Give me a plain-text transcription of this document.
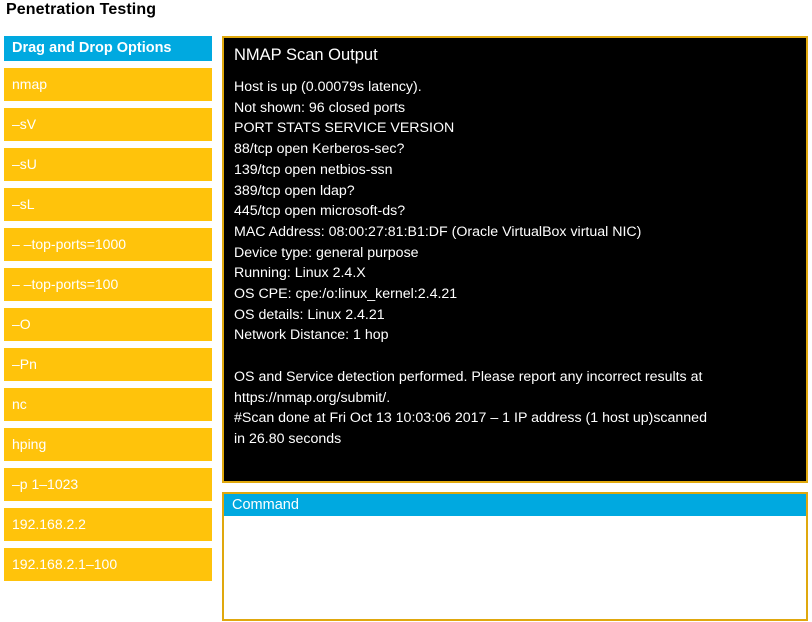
Penetration Testing
Drag and Drop Options
nmap
–sV
–sU
–sL
– –top-ports=1000
– –top-ports=100
–O
–Pn
nc
hping
–p 1–1023
192.168.2.2
192.168.2.1–100
NMAP Scan Output
Host is up (0.00079s latency).
Not shown: 96 closed ports
PORT STATS SERVICE VERSION
88/tcp open Kerberos-sec?
139/tcp open netbios-ssn
389/tcp open ldap?
445/tcp open microsoft-ds?
MAC Address: 08:00:27:81:B1:DF (Oracle VirtualBox virtual NIC)
Device type: general purpose
Running: Linux 2.4.X
OS CPE: cpe:/o:linux_kernel:2.4.21
OS details: Linux 2.4.21
Network Distance: 1 hop
OS and Service detection performed. Please report any incorrect results at
https://nmap.org/submit/.
#Scan done at Fri Oct 13 10:03:06 2017 – 1 IP address (1 host up)scanned
in 26.80 seconds
Command
